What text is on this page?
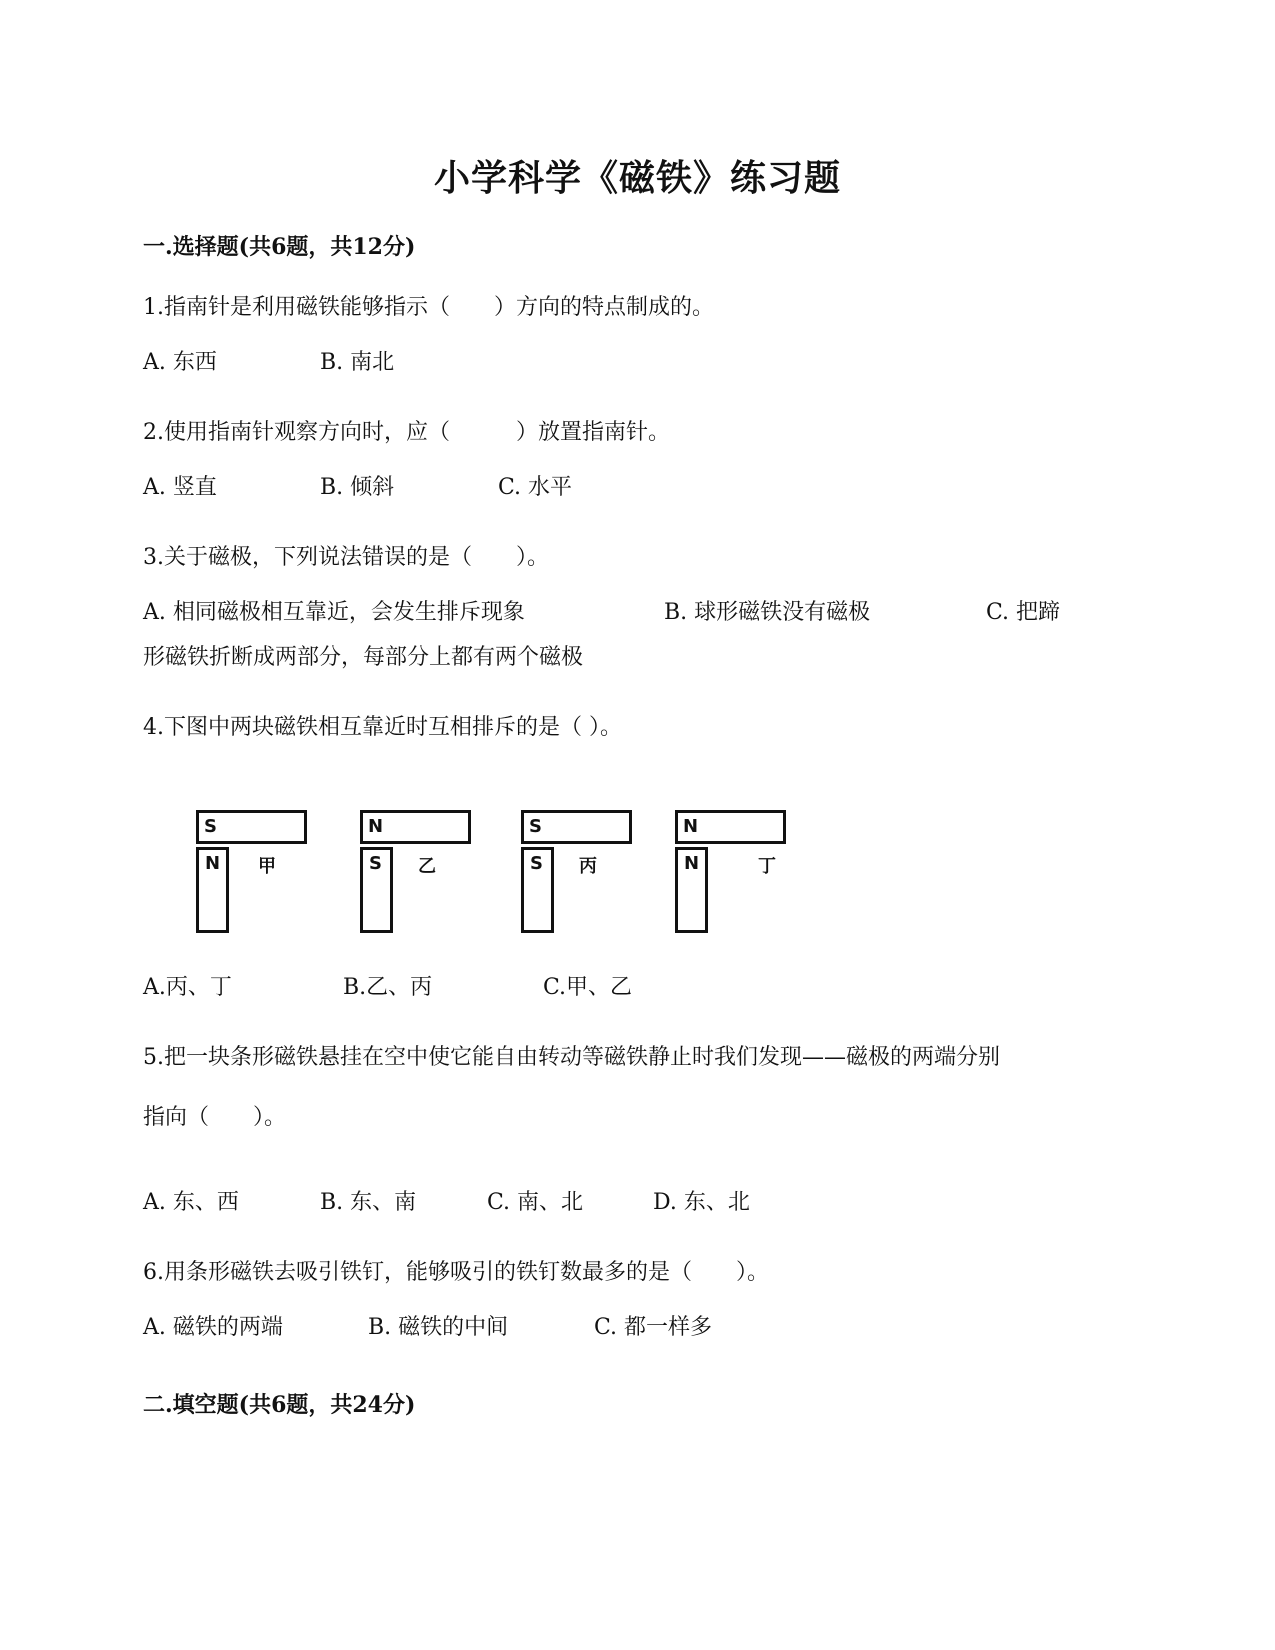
小学科学《磁铁》练习题
一.选择题(共6题，共12分)
1.指南针是利用磁铁能够指示（　　）方向的特点制成的。
A. 东西	B. 南北
2.使用指南针观察方向时，应（　　　）放置指南针。
A. 竖直	B. 倾斜	C. 水平
3.关于磁极，下列说法错误的是（　　）。
A. 相同磁极相互靠近，会发生排斥现象	B. 球形磁铁没有磁极	C. 把蹄
形磁铁折断成两部分，每部分上都有两个磁极
4.下图中两块磁铁相互靠近时互相排斥的是（ ）。
S
N 甲
N
S 乙
S
S 丙
N
N	丁
A.丙、丁	B.乙、丙	C.甲、乙
5.把一块条形磁铁悬挂在空中使它能自由转动等磁铁静止时我们发现——磁极的两端分别
指向（　　）。
A. 东、西	B. 东、南	C. 南、北	D. 东、北
6.用条形磁铁去吸引铁钉，能够吸引的铁钉数最多的是（　　）。
A. 磁铁的两端	B. 磁铁的中间	C. 都一样多
二.填空题(共6题，共24分)
